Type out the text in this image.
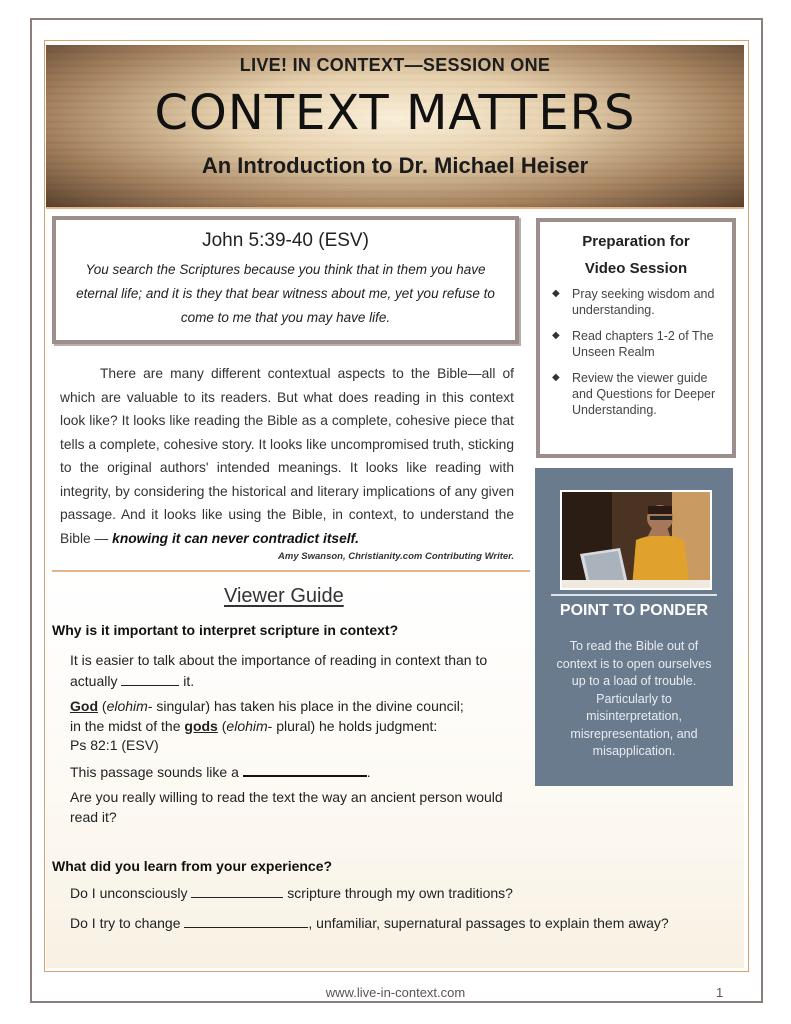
LIVE! IN CONTEXT—SESSION ONE
CONTEXT MATTERS
An Introduction to Dr. Michael Heiser
John 5:39-40 (ESV)
You search the Scriptures because you think that in them you have eternal life; and it is they that bear witness about me, yet you refuse to come to me that you may have life.
Preparation for
Video Session
◆ Pray seeking wisdom and understanding.
◆ Read chapters 1-2 of The Unseen Realm
◆ Review the viewer guide and Questions for Deeper Understanding.

There are many different contextual aspects to the Bible—all of which are valuable to its readers. But what does reading in this context look like? It looks like reading the Bible as a complete, cohesive piece that tells a complete, cohesive story. It looks like uncompromised truth, sticking to the original authors' intended meanings. It looks like reading with integrity, by considering the historical and literary implications of any given passage. And it looks like using the Bible, in context, to understand the Bible — knowing it can never contradict itself.

Amy Swanson, Christianity.com Contributing Writer.
POINT TO PONDER
To read the Bible out of context is to open ourselves up to a load of trouble. Particularly to misinterpretation, misrepresentation, and misapplication.
Viewer Guide
Why is it important to interpret scripture in context?
It is easier to talk about the importance of reading in context than to actually	it.
God (elohim- singular) has taken his place in the divine council;
in the midst of the gods (elohim- plural) he holds judgment:
Ps 82:1 (ESV)
This passage sounds like a	.
Are you really willing to read the text the way an ancient person would read it?
What did you learn from your experience?
Do I unconsciously	scripture through my own traditions?
Do I try to change	, unfamiliar, supernatural passages to explain them away?
www.live-in-context.com	1
